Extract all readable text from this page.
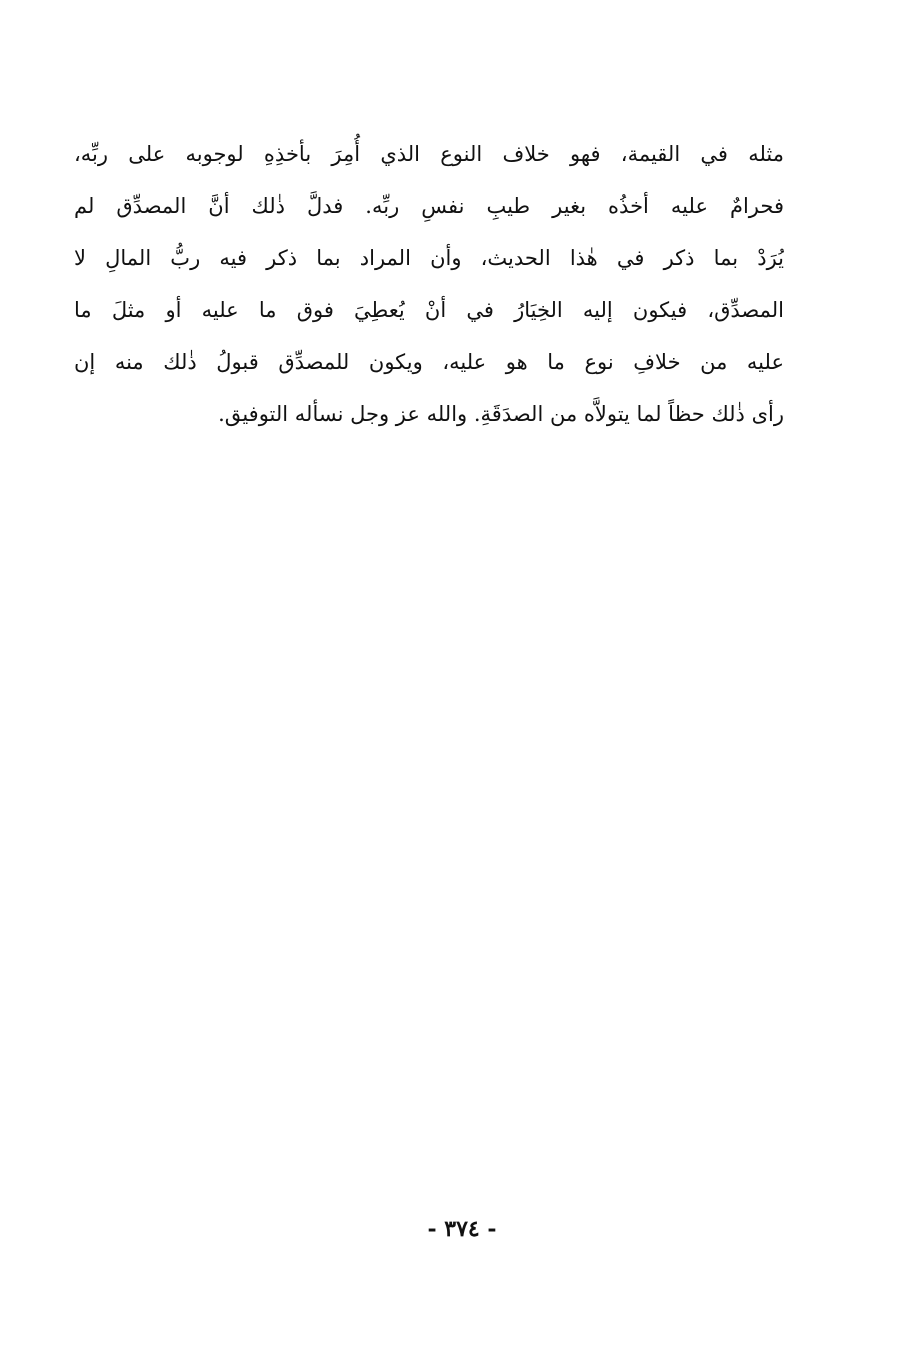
مثله في القيمة، فهو خلاف النوع الذي أُمِرَ بأخذِهِ لوجوبه على ربِّه،
فحرامٌ عليه أخذُه بغير طيبِ نفسِ ربِّه. فدلَّ ذٰلك أنَّ المصدِّق لم
يُرَدْ بما ذكر في هٰذا الحديث، وأن المراد بما ذكر فيه ربُّ المالِ لا
المصدِّق، فيكون إليه الخِيَارُ في أنْ يُعطِيَ فوق ما عليه أو مثلَ ما
عليه من خلافِ نوع ما هو عليه، ويكون للمصدِّق قبولُ ذٰلك منه إن
رأى ذٰلك حظاً لما يتولاَّه من الصدَقَةِ. والله عز وجل نسأله التوفيق.
- ٣٧٤ -
